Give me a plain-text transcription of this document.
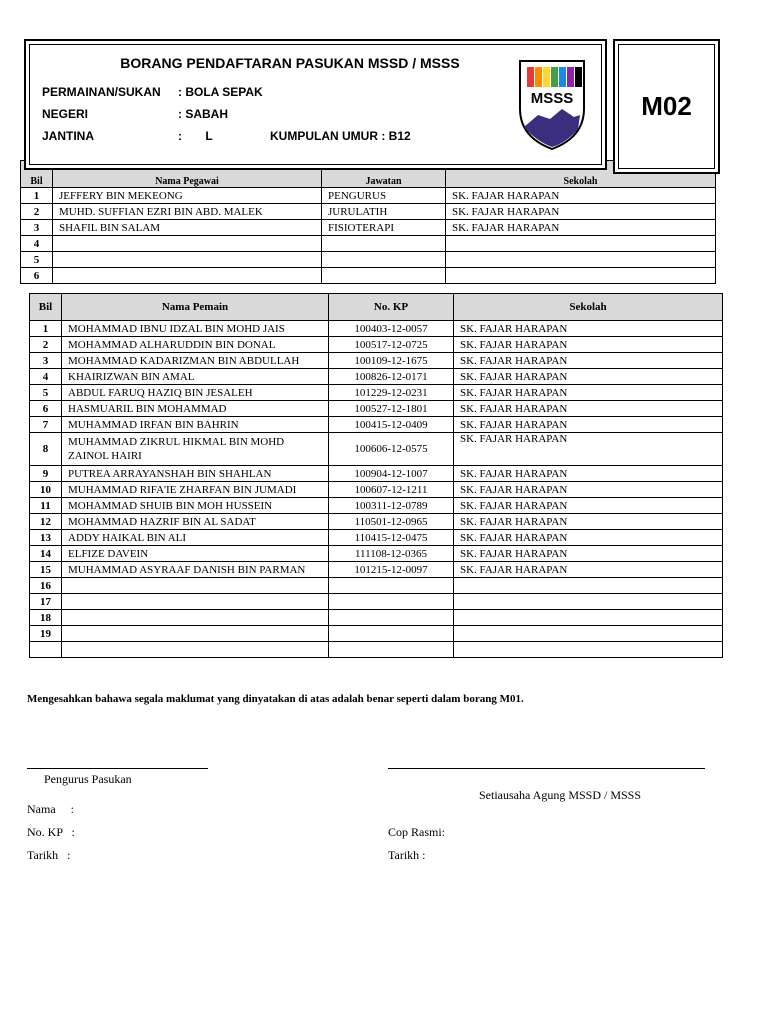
Bil	Nama Pegawai	Jawatan	Sekolah
1	JEFFERY BIN MEKEONG	PENGURUS	SK. FAJAR HARAPAN
2	MUHD. SUFFIAN EZRI BIN ABD. MALEK	JURULATIH	SK. FAJAR HARAPAN
3	SHAFIL BIN SALAM	FISIOTERAPI	SK. FAJAR HARAPAN
4			
5			
6			
BORANG PENDAFTARAN PASUKAN MSSD / MSSS
PERMAINAN/SUKAN : BOLA SEPAK
NEGERI	: SABAH
JANTINA	:       L	KUMPULAN UMUR : B12
MSSS	M02
Bil	Nama Pemain	No. KP	Sekolah
1	MOHAMMAD IBNU IDZAL BIN MOHD JAIS	100403-12-0057	SK. FAJAR HARAPAN
2	MOHAMMAD ALHARUDDIN BIN DONAL	100517-12-0725	SK. FAJAR HARAPAN
3	MOHAMMAD KADARIZMAN BIN ABDULLAH	100109-12-1675	SK. FAJAR HARAPAN
4	KHAIRIZWAN BIN AMAL	100826-12-0171	SK. FAJAR HARAPAN
5	ABDUL FARUQ HAZIQ BIN JESALEH	101229-12-0231	SK. FAJAR HARAPAN
6	HASMUARIL BIN MOHAMMAD	100527-12-1801	SK. FAJAR HARAPAN
7	MUHAMMAD IRFAN BIN BAHRIN	100415-12-0409	SK. FAJAR HARAPAN
8	MUHAMMAD ZIKRUL HIKMAL BIN MOHD ZAINOL HAIRI	100606-12-0575	SK. FAJAR HARAPAN
9	PUTREA ARRAYANSHAH BIN SHAHLAN	100904-12-1007	SK. FAJAR HARAPAN
10	MUHAMMAD RIFA'IE ZHARFAN BIN JUMADI	100607-12-1211	SK. FAJAR HARAPAN
11	MOHAMMAD SHUIB BIN MOH HUSSEIN	100311-12-0789	SK. FAJAR HARAPAN
12	MOHAMMAD HAZRIF BIN AL SADAT	110501-12-0965	SK. FAJAR HARAPAN
13	ADDY HAIKAL BIN ALI	110415-12-0475	SK. FAJAR HARAPAN
14	ELFIZE DAVEIN	111108-12-0365	SK. FAJAR HARAPAN
15	MUHAMMAD ASYRAAF DANISH BIN PARMAN	101215-12-0097	SK. FAJAR HARAPAN
16			
17			
18			
19			

Mengesahkan bahawa segala maklumat yang dinyatakan di atas adalah benar seperti dalam borang M01.
Pengurus Pasukan
Setiausaha Agung MSSD / MSSS
Nama     :
No. KP   :	Cop Rasmi:
Tarikh   :	Tarikh :
